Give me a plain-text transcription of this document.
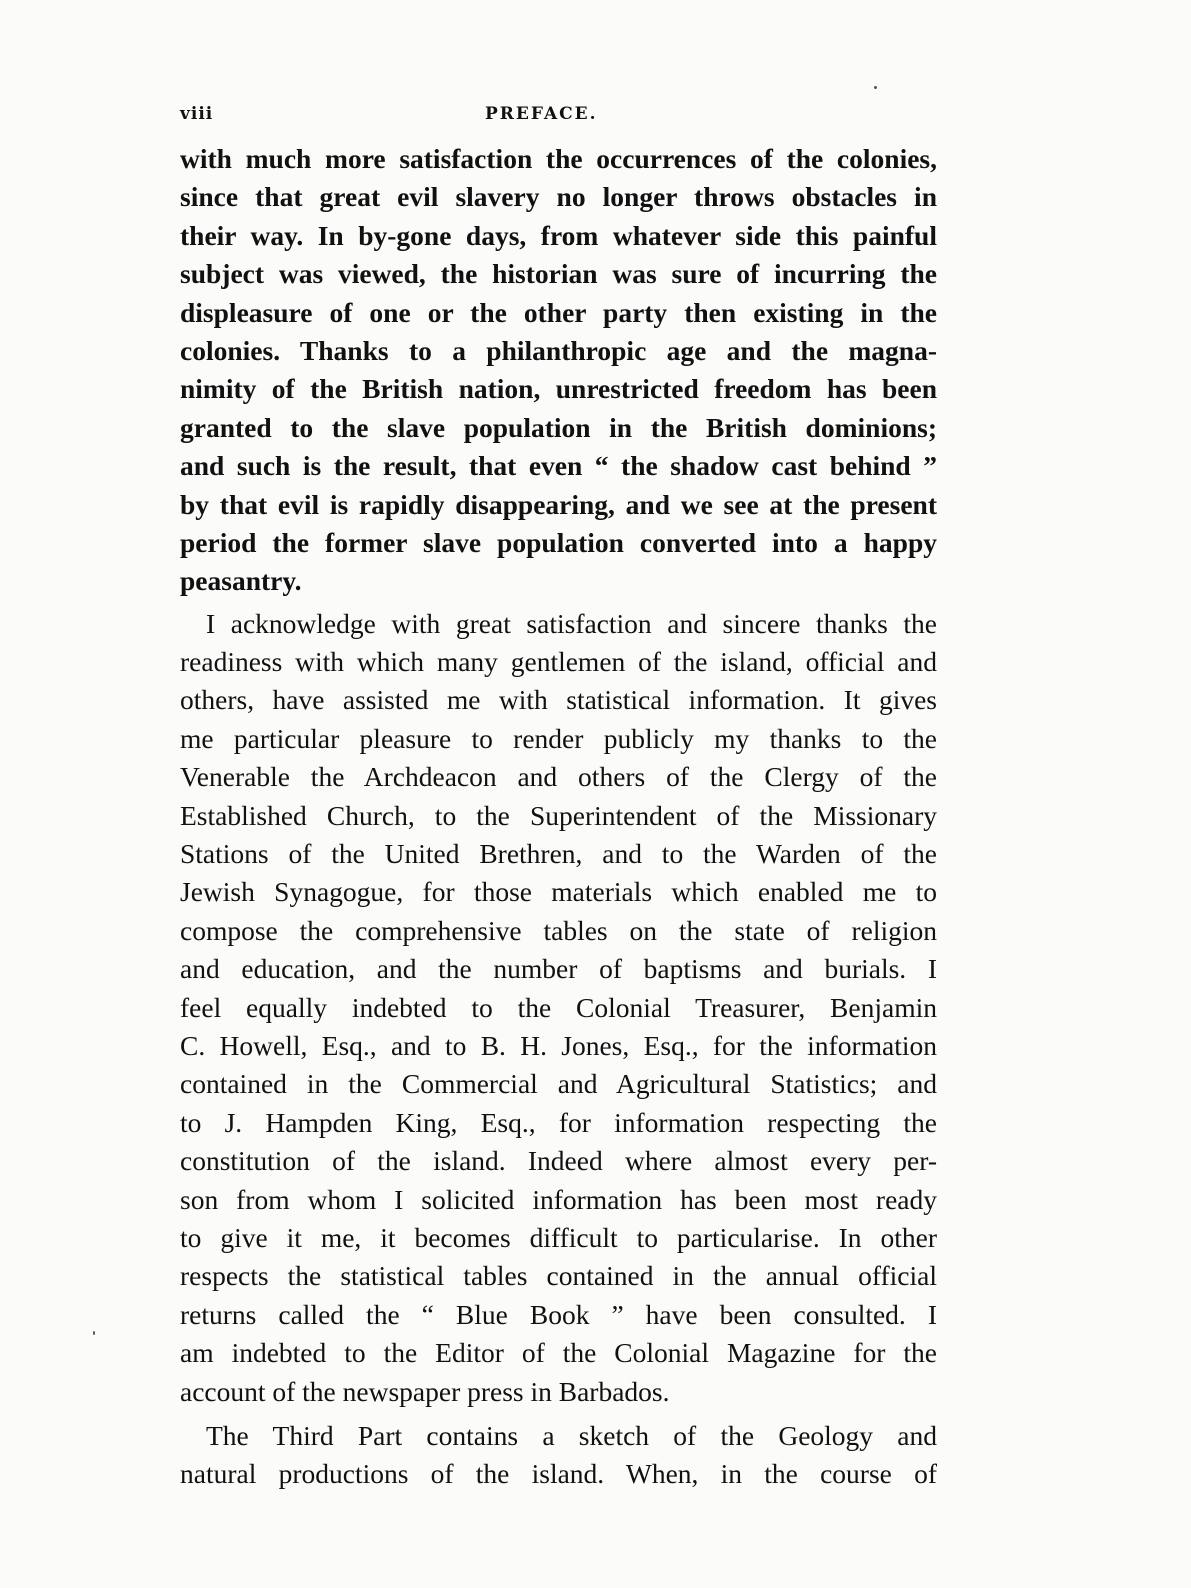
viii	PREFACE.
with much more satisfaction the occurrences of the colonies,
since that great evil slavery no longer throws obstacles in
their way. In by-gone days, from whatever side this painful
subject was viewed, the historian was sure of incurring the
displeasure of one or the other party then existing in the
colonies. Thanks to a philanthropic age and the magna-
nimity of the British nation, unrestricted freedom has been
granted to the slave population in the British dominions;
and such is the result, that even “ the shadow cast behind ”
by that evil is rapidly disappearing, and we see at the present
period the former slave population converted into a happy
peasantry.
I acknowledge with great satisfaction and sincere thanks the
readiness with which many gentlemen of the island, official and
others, have assisted me with statistical information. It gives
me particular pleasure to render publicly my thanks to the
Venerable the Archdeacon and others of the Clergy of the
Established Church, to the Superintendent of the Missionary
Stations of the United Brethren, and to the Warden of the
Jewish Synagogue, for those materials which enabled me to
compose the comprehensive tables on the state of religion
and education, and the number of baptisms and burials. I
feel equally indebted to the Colonial Treasurer, Benjamin
C. Howell, Esq., and to B. H. Jones, Esq., for the information
contained in the Commercial and Agricultural Statistics; and
to J. Hampden King, Esq., for information respecting the
constitution of the island. Indeed where almost every per-
son from whom I solicited information has been most ready
to give it me, it becomes difficult to particularise. In other
respects the statistical tables contained in the annual official
returns called the “ Blue Book ” have been consulted. I
am indebted to the Editor of the Colonial Magazine for the
account of the newspaper press in Barbados.
The Third Part contains a sketch of the Geology and
natural productions of the island. When, in the course of
